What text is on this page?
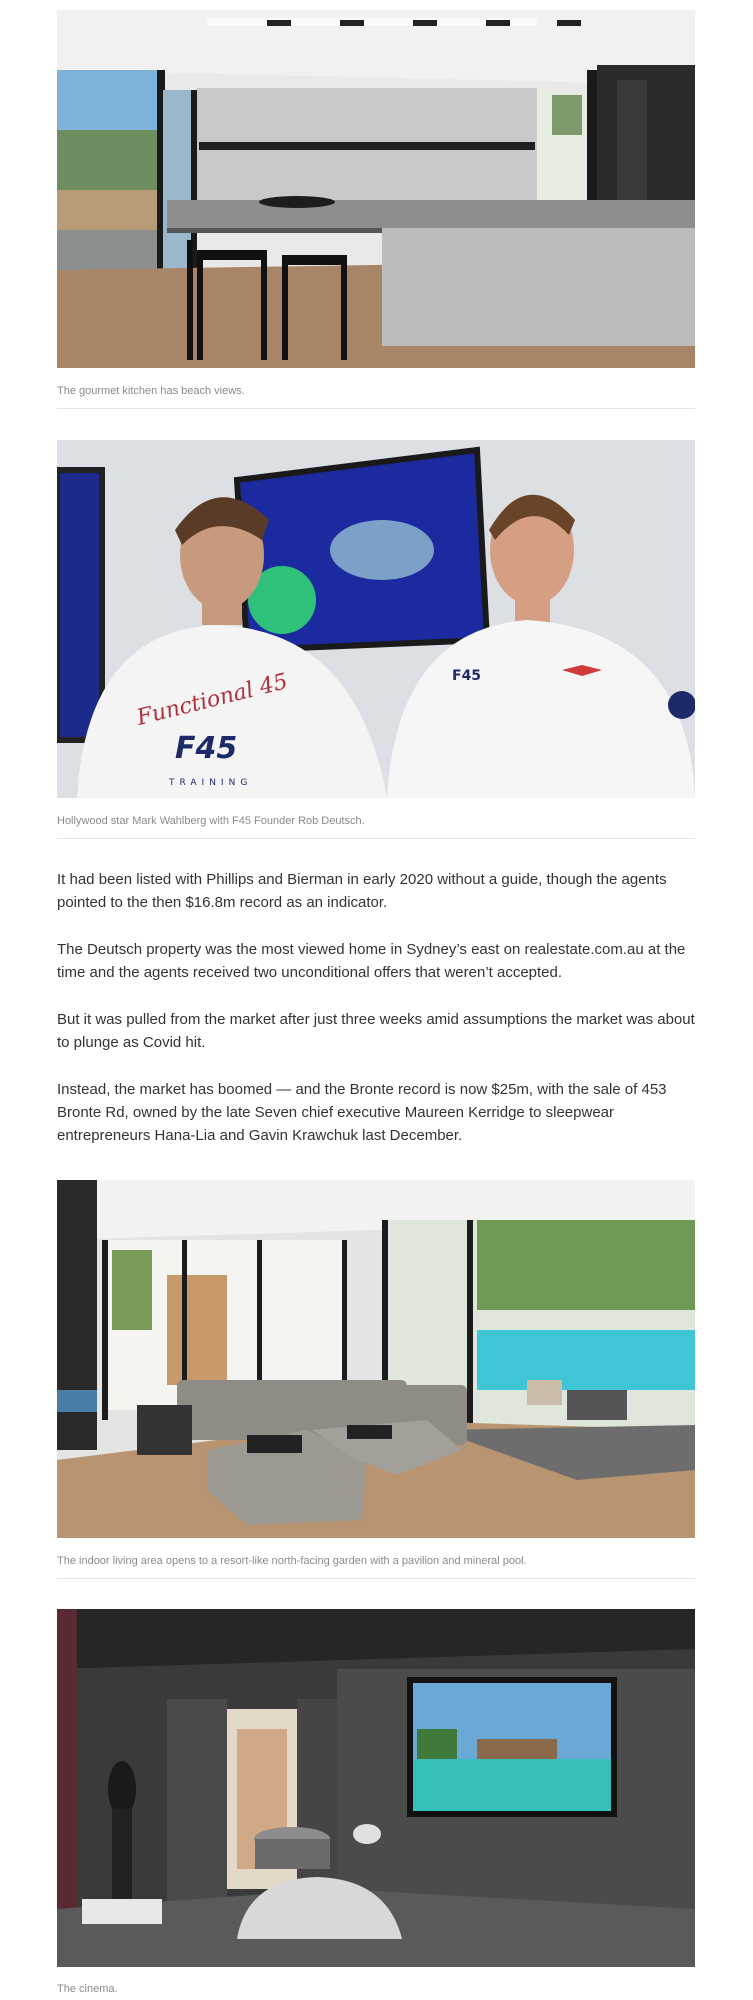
The gourmet kitchen has beach views.
Functional 45
F45
TRAINING
F45
Hollywood star Mark Wahlberg with F45 Founder Rob Deutsch.

It had been listed with Phillips and Bierman in early 2020 without a guide, though the agents pointed to the then $16.8m record as an indicator.

The Deutsch property was the most viewed home in Sydney’s east on realestate.com.au at the time and the agents received two unconditional offers that weren’t accepted.

But it was pulled from the market after just three weeks amid assumptions the market was about to plunge as Covid hit.

Instead, the market has boomed — and the Bronte record is now $25m, with the sale of 453 Bronte Rd, owned by the late Seven chief executive Maureen Kerridge to sleepwear entrepreneurs Hana-Lia and Gavin Krawchuk last December.

The indoor living area opens to a resort-like north-facing garden with a pavilion and mineral pool.
The cinema.
